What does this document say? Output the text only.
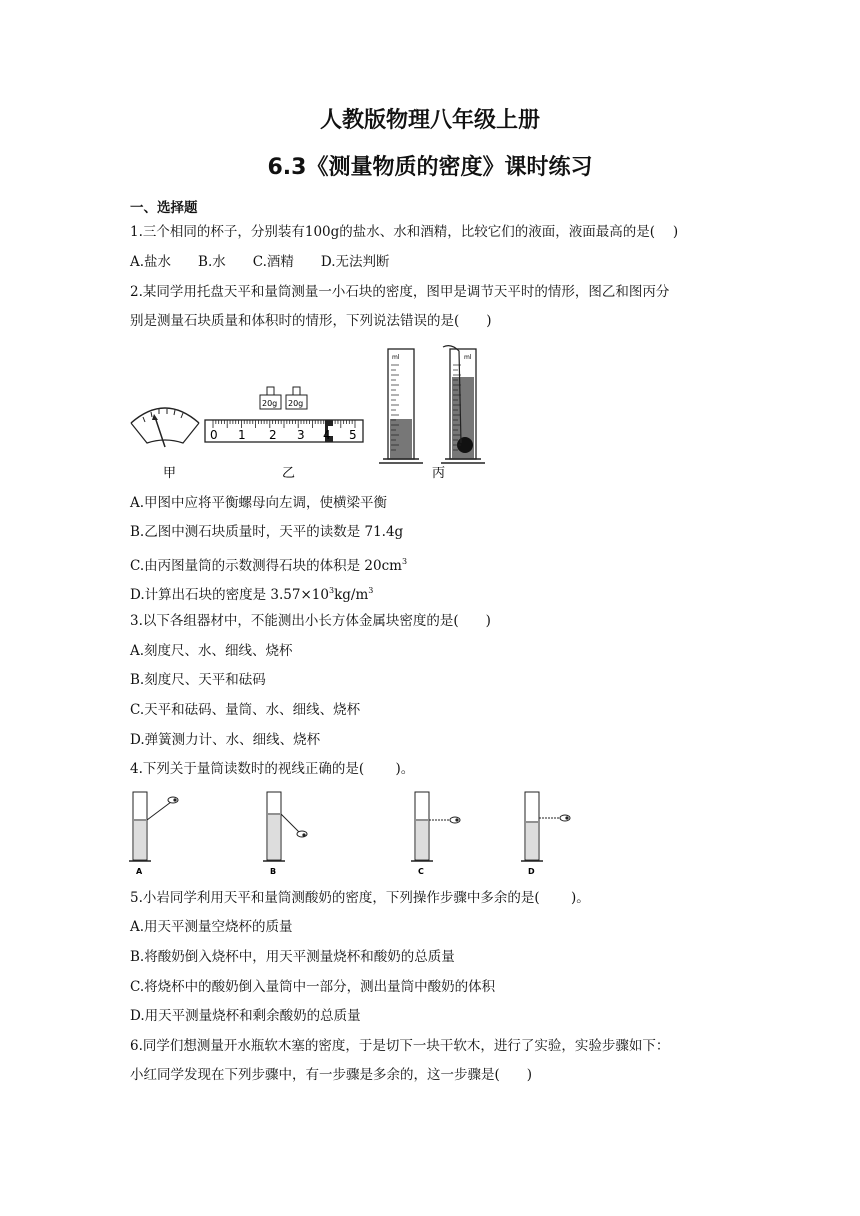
人教版物理八年级上册
6.3《测量物质的密度》课时练习
一、选择题
1.三个相同的杯子，分别装有100g的盐水、水和酒精，比较它们的液面，液面最高的是(　 )
A.盐水　　B.水　　C.酒精　　D.无法判断
2.某同学用托盘天平和量筒测量一小石块的密度，图甲是调节天平时的情形，图乙和图丙分
别是测量石块质量和体积时的情形，下列说法错误的是(　　)
甲
20g 20g
0 1 2 3 4 5
乙
ml	ml
丙
A.甲图中应将平衡螺母向左调，使横梁平衡
B.乙图中测石块质量时，天平的读数是 71.4g
C.由丙图量筒的示数测得石块的体积是 $20cm^3$
D.计算出石块的密度是 $3.57\times 10^3kg/m^3$
3.以下各组器材中，不能测出小长方体金属块密度的是(　　)
A.刻度尺、水、细线、烧杯
B.刻度尺、天平和砝码
C.天平和砝码、量筒、水、细线、烧杯
D.弹簧测力计、水、细线、烧杯
4.下列关于量筒读数时的视线正确的是(　　 )。
A	B	C	D
5.小岩同学利用天平和量筒测酸奶的密度，下列操作步骤中多余的是(　　 )。
A.用天平测量空烧杯的质量
B.将酸奶倒入烧杯中，用天平测量烧杯和酸奶的总质量
C.将烧杯中的酸奶倒入量筒中一部分，测出量筒中酸奶的体积
D.用天平测量烧杯和剩余酸奶的总质量
6.同学们想测量开水瓶软木塞的密度，于是切下一块干软木，进行了实验，实验步骤如下：
小红同学发现在下列步骤中，有一步骤是多余的，这一步骤是(　　)
